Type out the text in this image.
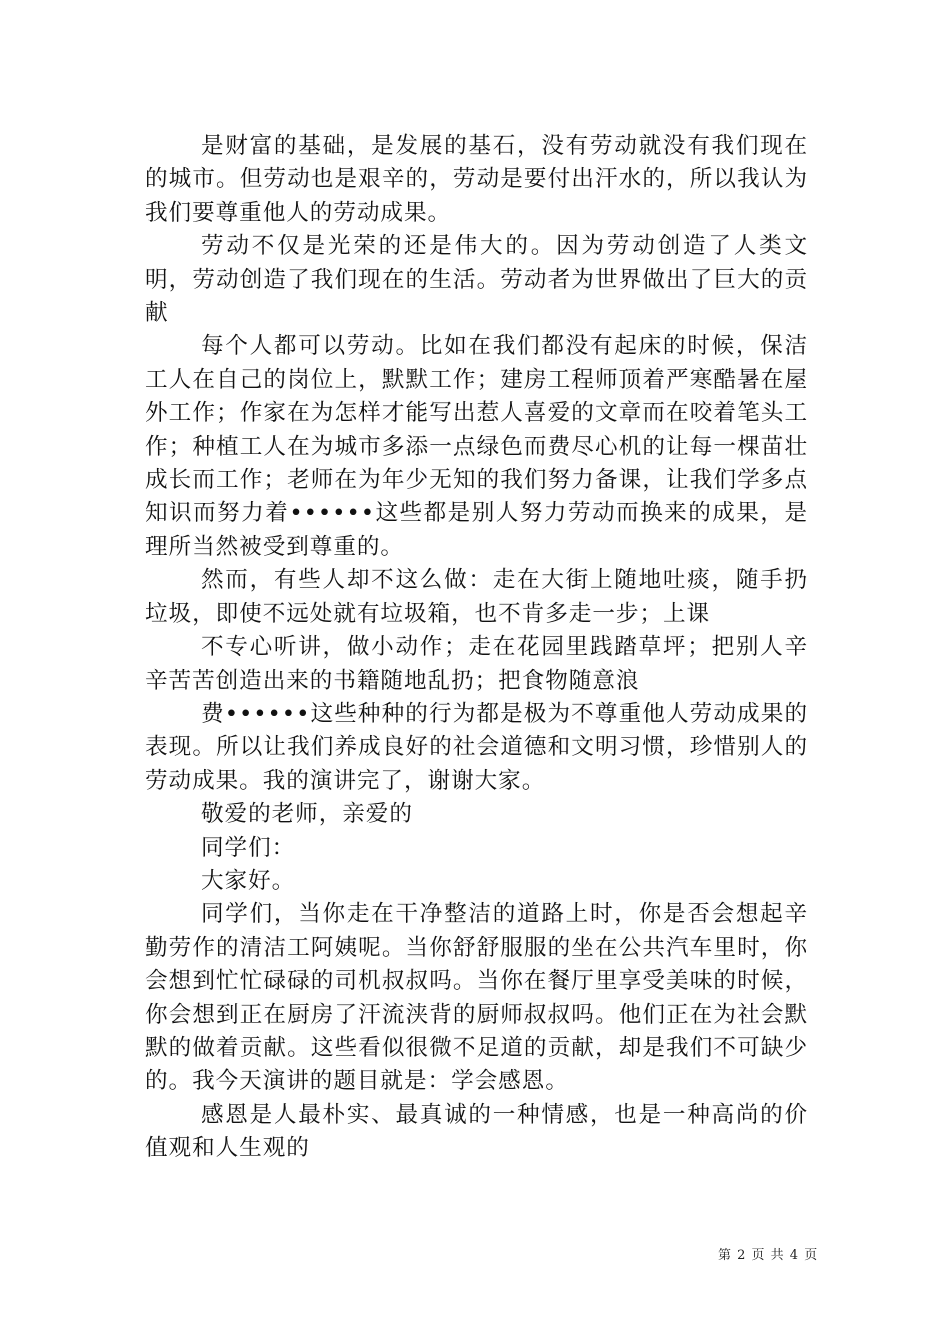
是财富的基础，是发展的基石，没有劳动就没有我们现在的城市。但劳动也是艰辛的，劳动是要付出汗水的，所以我认为我们要尊重他人的劳动成果。

劳动不仅是光荣的还是伟大的。因为劳动创造了人类文明，劳动创造了我们现在的生活。劳动者为世界做出了巨大的贡献

每个人都可以劳动。比如在我们都没有起床的时候，保洁工人在自己的岗位上，默默工作；建房工程师顶着严寒酷暑在屋外工作；作家在为怎样才能写出惹人喜爱的文章而在咬着笔头工作；种植工人在为城市多添一点绿色而费尽心机的让每一棵苗壮成长而工作；老师在为年少无知的我们努力备课，让我们学多点知识而努力着••••••这些都是别人努力劳动而换来的成果，是理所当然被受到尊重的。

然而，有些人却不这么做：走在大街上随地吐痰，随手扔垃圾，即使不远处就有垃圾箱，也不肯多走一步；上课

不专心听讲，做小动作；走在花园里践踏草坪；把别人辛辛苦苦创造出来的书籍随地乱扔；把食物随意浪

费••••••这些种种的行为都是极为不尊重他人劳动成果的表现。所以让我们养成良好的社会道德和文明习惯，珍惜别人的劳动成果。我的演讲完了，谢谢大家。

敬爱的老师，亲爱的

同学们：

大家好。

同学们，当你走在干净整洁的道路上时，你是否会想起辛勤劳作的清洁工阿姨呢。当你舒舒服服的坐在公共汽车里时，你会想到忙忙碌碌的司机叔叔吗。当你在餐厅里享受美味的时候，你会想到正在厨房了汗流浃背的厨师叔叔吗。他们正在为社会默默的做着贡献。这些看似很微不足道的贡献，却是我们不可缺少的。我今天演讲的题目就是：学会感恩。

感恩是人最朴实、最真诚的一种情感，也是一种高尚的价值观和人生观的

第 2 页 共 4 页
